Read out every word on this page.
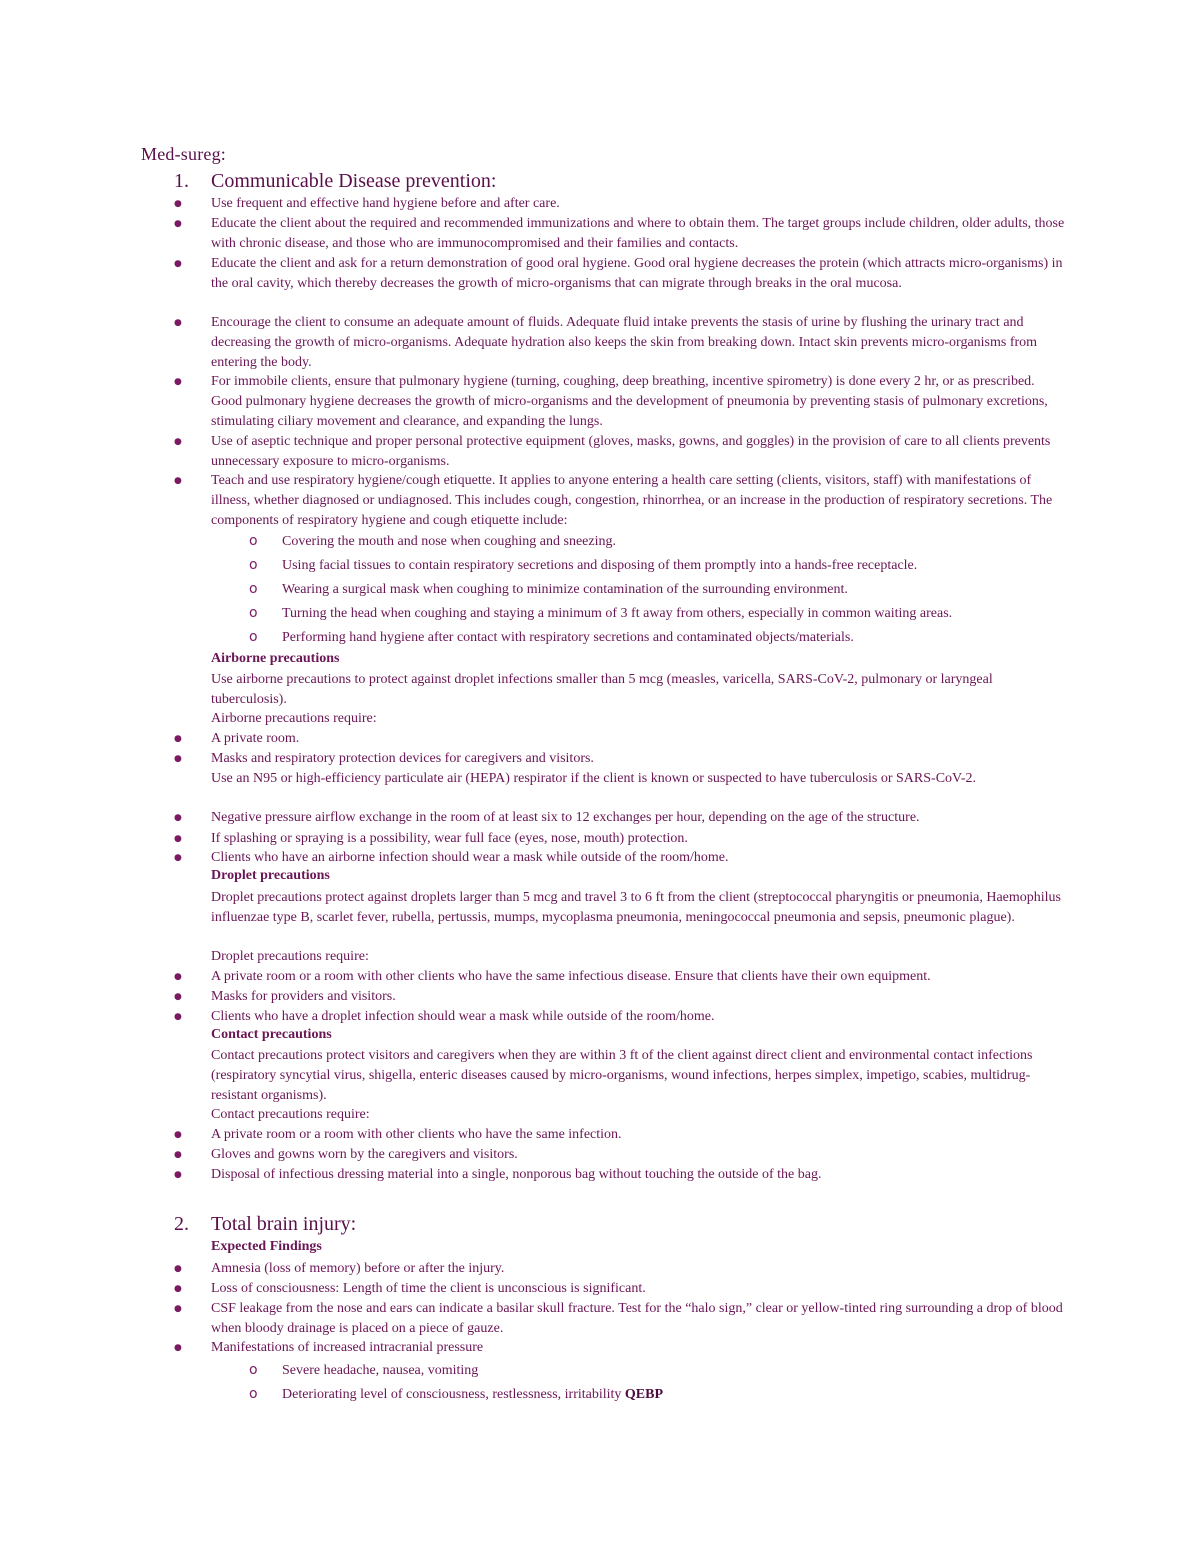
Med-sureg:
1. Communicable Disease prevention:
●
Use frequent and effective hand hygiene before and after care.
●
Educate the client about the required and recommended immunizations and where to obtain them. The target groups include children, older adults, those with chronic disease, and those who are immunocompromised and their families and contacts.
●
Educate the client and ask for a return demonstration of good oral hygiene. Good oral hygiene decreases the protein (which attracts micro-organisms) in the oral cavity, which thereby decreases the growth of micro-organisms that can migrate through breaks in the oral mucosa.
●
Encourage the client to consume an adequate amount of fluids. Adequate fluid intake prevents the stasis of urine by flushing the urinary tract and decreasing the growth of micro-organisms. Adequate hydration also keeps the skin from breaking down. Intact skin prevents micro-organisms from entering the body.
●
For immobile clients, ensure that pulmonary hygiene (turning, coughing, deep breathing, incentive spirometry) is done every 2 hr, or as prescribed. Good pulmonary hygiene decreases the growth of micro-organisms and the development of pneumonia by preventing stasis of pulmonary excretions, stimulating ciliary movement and clearance, and expanding the lungs.
●
Use of aseptic technique and proper personal protective equipment (gloves, masks, gowns, and goggles) in the provision of care to all clients prevents unnecessary exposure to micro-organisms.
●
Teach and use respiratory hygiene/cough etiquette. It applies to anyone entering a health care setting (clients, visitors, staff) with manifestations of illness, whether diagnosed or undiagnosed. This includes cough, congestion, rhinorrhea, or an increase in the production of respiratory secretions. The components of respiratory hygiene and cough etiquette include:
o Covering the mouth and nose when coughing and sneezing.
o Using facial tissues to contain respiratory secretions and disposing of them promptly into a hands-free receptacle.
o Wearing a surgical mask when coughing to minimize contamination of the surrounding environment.
o Turning the head when coughing and staying a minimum of 3 ft away from others, especially in common waiting areas.
o Performing hand hygiene after contact with respiratory secretions and contaminated objects/materials.
Airborne precautions
Use airborne precautions to protect against droplet infections smaller than 5 mcg (measles, varicella, SARS-CoV-2, pulmonary or laryngeal tuberculosis).
Airborne precautions require:
●
A private room.
●
Masks and respiratory protection devices for caregivers and visitors.
Use an N95 or high-efficiency particulate air (HEPA) respirator if the client is known or suspected to have tuberculosis or SARS-CoV-2.
●
Negative pressure airflow exchange in the room of at least six to 12 exchanges per hour, depending on the age of the structure.
●
If splashing or spraying is a possibility, wear full face (eyes, nose, mouth) protection.
●
Clients who have an airborne infection should wear a mask while outside of the room/home.
Droplet precautions
Droplet precautions protect against droplets larger than 5 mcg and travel 3 to 6 ft from the client (streptococcal pharyngitis or pneumonia, Haemophilus influenzae type B, scarlet fever, rubella, pertussis, mumps, mycoplasma pneumonia, meningococcal pneumonia and sepsis, pneumonic plague).
Droplet precautions require:
●
A private room or a room with other clients who have the same infectious disease. Ensure that clients have their own equipment.
●
Masks for providers and visitors.
●
Clients who have a droplet infection should wear a mask while outside of the room/home.
Contact precautions
Contact precautions protect visitors and caregivers when they are within 3 ft of the client against direct client and environmental contact infections (respiratory syncytial virus, shigella, enteric diseases caused by micro-organisms, wound infections, herpes simplex, impetigo, scabies, multidrug-resistant organisms).
Contact precautions require:
●
A private room or a room with other clients who have the same infection.
●
Gloves and gowns worn by the caregivers and visitors.
●
Disposal of infectious dressing material into a single, nonporous bag without touching the outside of the bag.
2. Total brain injury:
Expected Findings
●
Amnesia (loss of memory) before or after the injury.
●
Loss of consciousness: Length of time the client is unconscious is significant.
●
CSF leakage from the nose and ears can indicate a basilar skull fracture. Test for the “halo sign,” clear or yellow-tinted ring surrounding a drop of blood when bloody drainage is placed on a piece of gauze.
●
Manifestations of increased intracranial pressure
o Severe headache, nausea, vomiting
o Deteriorating level of consciousness, restlessness, irritability QEBP
